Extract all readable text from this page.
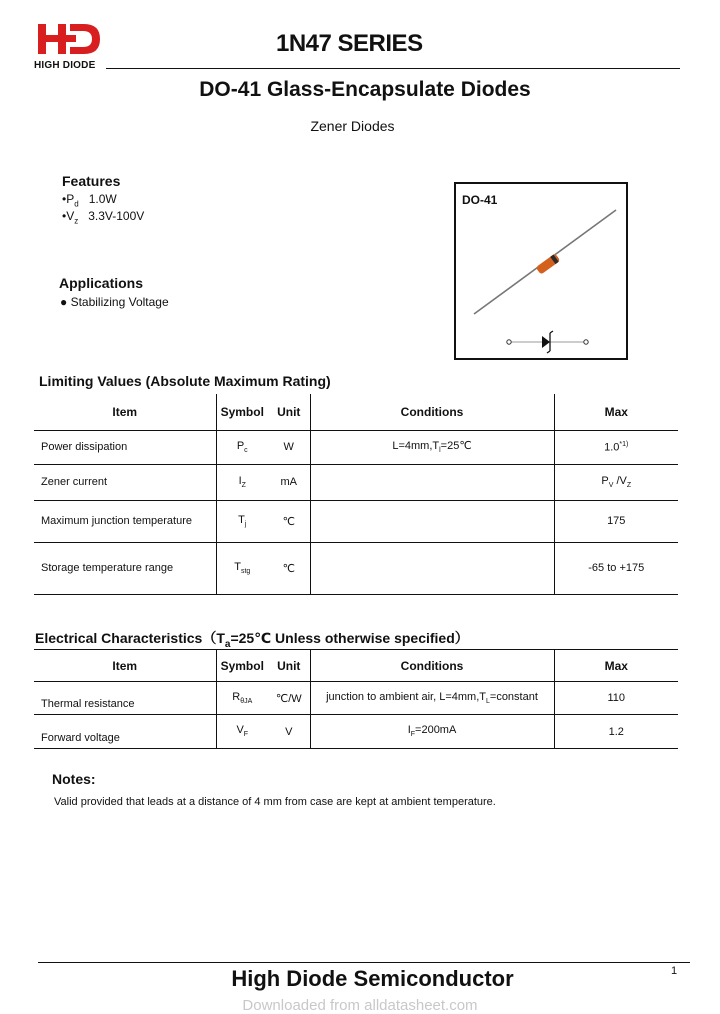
HIGH DIODE
1N47 SERIES
DO-41 Glass-Encapsulate Diodes
Zener Diodes
Features
$•P_d$ 1.0W
$•V_z$ 3.3V-100V
Applications
● Stabilizing Voltage
DO-41
Limiting Values (Absolute Maximum Rating)
Item	Symbol	Unit	Conditions	Max
Power dissipation	$P_c$	W	$L=4mm,T_l=25℃$	1.0$^{*1)}$
Zener current	$I_Z$	mA		$P_V$ $/V_Z$
Maximum junction temperature	$T_j$	℃		175
Storage temperature range	$T_{stg}$	℃		-65 to +175
Electrical $Characteristics(T_a=25℃$ Unless otherwise specified）
Item	Symbol	Unit	Conditions	Max
Thermal resistance	$R_{\theta JA}$	℃/W	junction to ambient air, $L=4mm,T_L=constant$	110
Forward voltage	$V_F$	V	$I_F=200mA$	1.2
Notes:
Valid provided that leads at a distance of 4 mm from case are kept at ambient temperature.
1
High Diode Semiconductor
Downloaded from alldatasheet.com
